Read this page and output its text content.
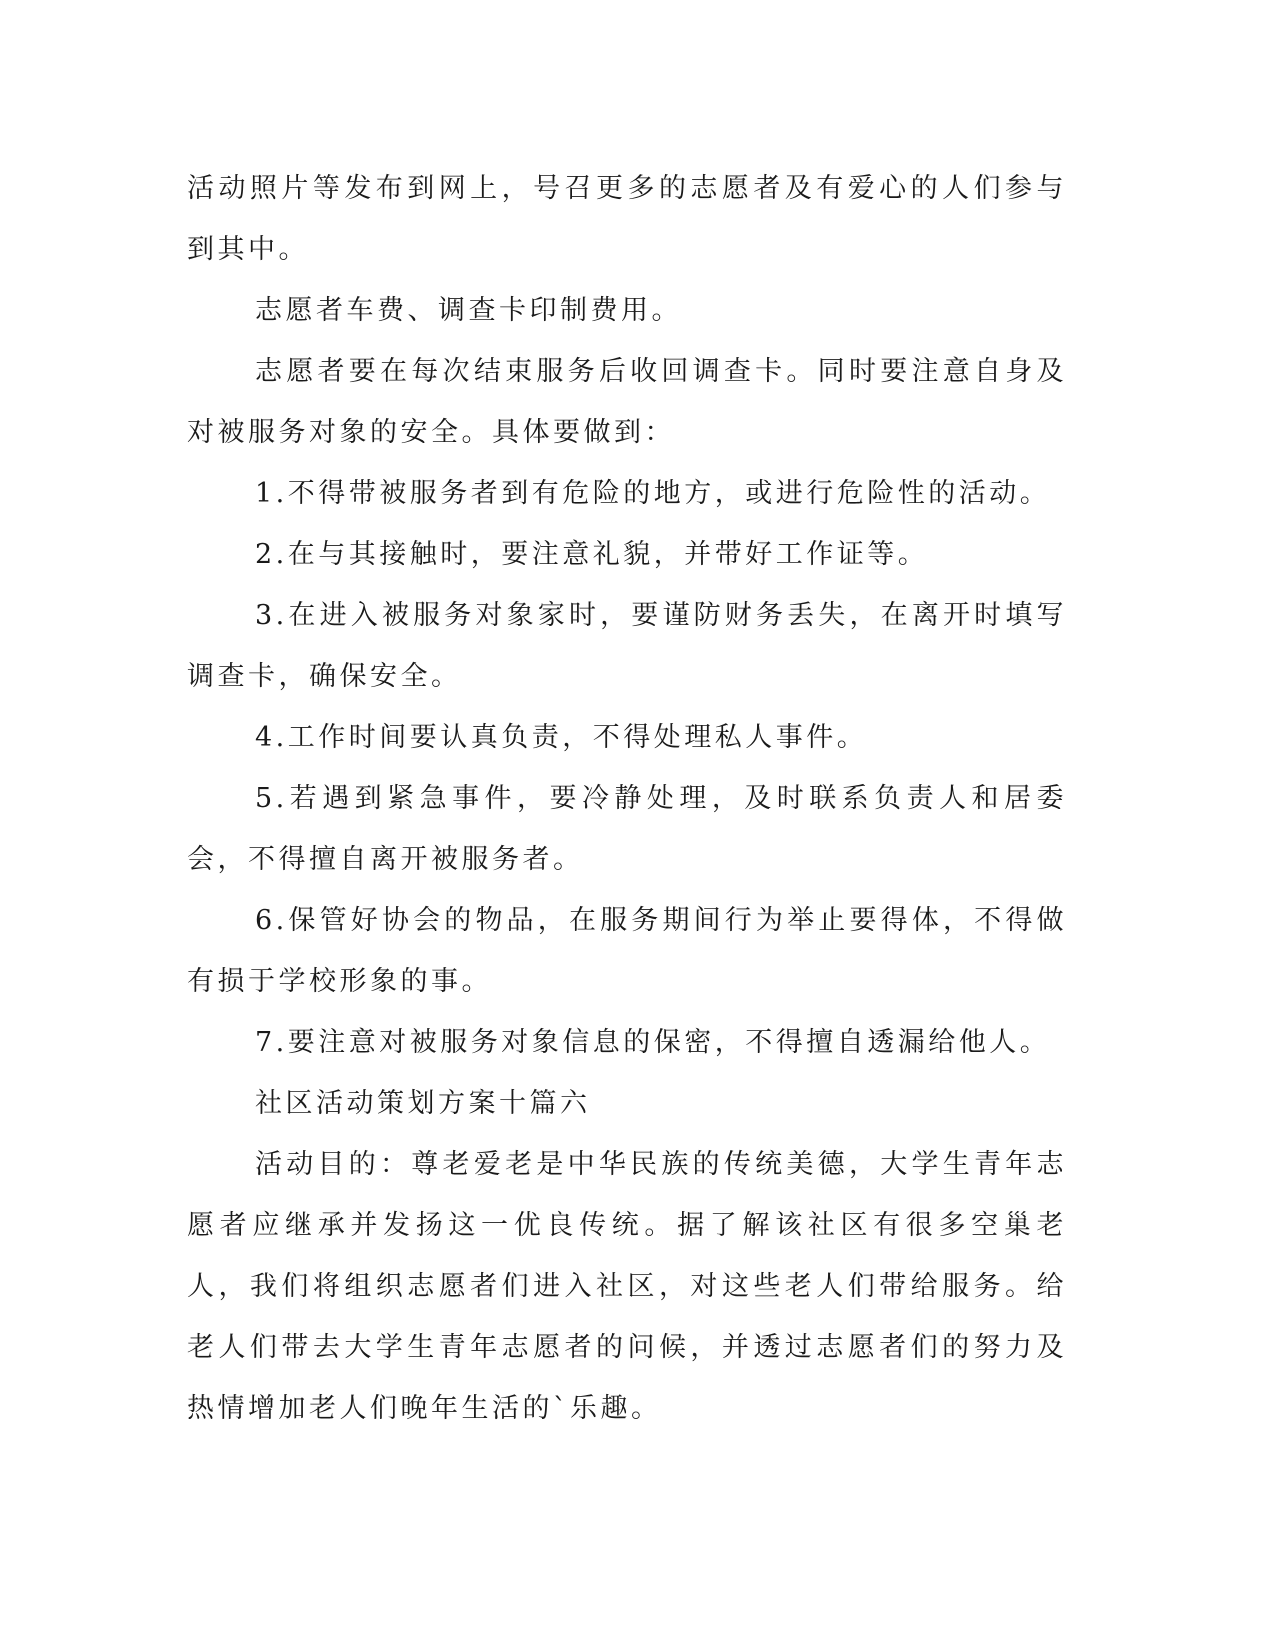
活动照片等发布到网上，号召更多的志愿者及有爱心的人们参与到其中。

志愿者车费、调查卡印制费用。

志愿者要在每次结束服务后收回调查卡。同时要注意自身及对被服务对象的安全。具体要做到：

1.不得带被服务者到有危险的地方，或进行危险性的活动。

2.在与其接触时，要注意礼貌，并带好工作证等。

3.在进入被服务对象家时，要谨防财务丢失，在离开时填写调查卡，确保安全。

4.工作时间要认真负责，不得处理私人事件。

5.若遇到紧急事件，要冷静处理，及时联系负责人和居委会，不得擅自离开被服务者。

6.保管好协会的物品，在服务期间行为举止要得体，不得做有损于学校形象的事。

7.要注意对被服务对象信息的保密，不得擅自透漏给他人。

社区活动策划方案十篇六

活动目的：尊老爱老是中华民族的传统美德，大学生青年志愿者应继承并发扬这一优良传统。据了解该社区有很多空巢老人，我们将组织志愿者们进入社区，对这些老人们带给服务。给老人们带去大学生青年志愿者的问候，并透过志愿者们的努力及热情增加老人们晚年生活的`乐趣。
